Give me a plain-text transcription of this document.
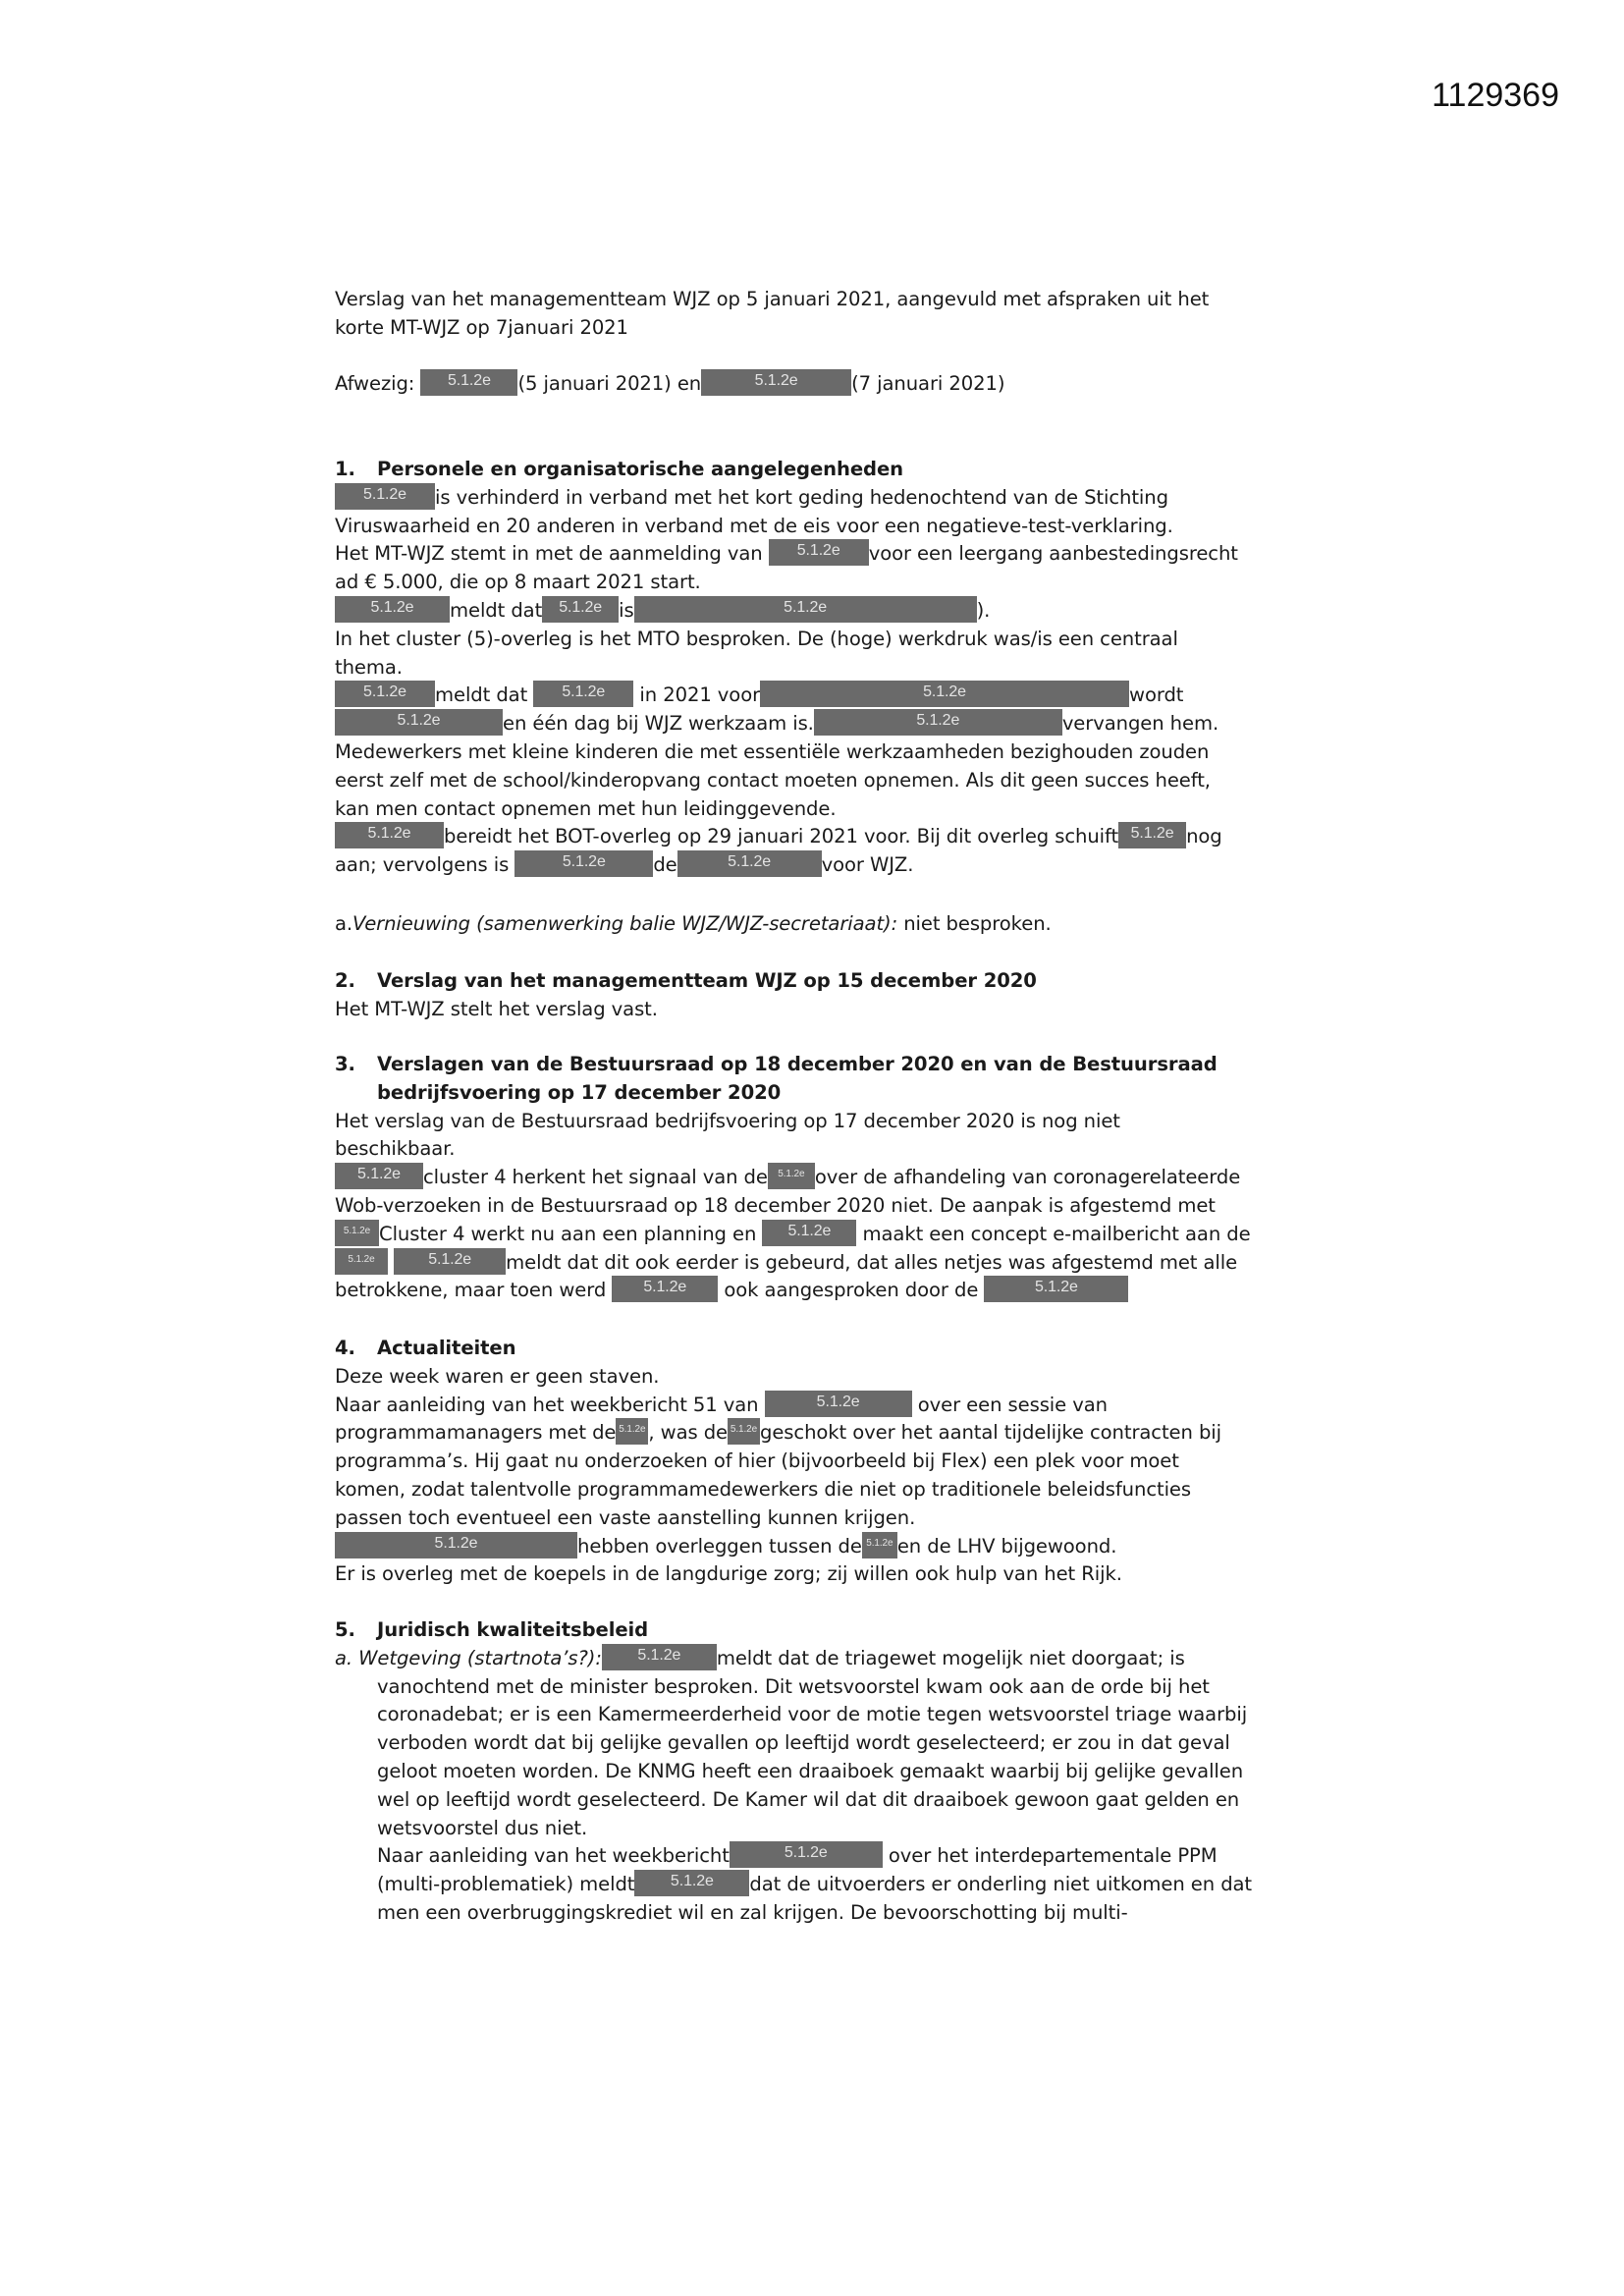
1129369
Verslag van het managementteam WJZ op 5 januari 2021, aangevuld met afspraken uit het
korte MT-WJZ op 7januari 2021
Afwezig: 5.1.2e (5 januari 2021) en	5.1.2e	(7 januari 2021)
1. Personele en organisatorische aangelegenheden
5.1.2e is verhinderd in verband met het kort geding hedenochtend van de Stichting
Viruswaarheid en 20 anderen in verband met de eis voor een negatieve-test-verklaring.
Het MT-WJZ stemt in met de aanmelding van 5.1.2e voor een leergang aanbestedingsrecht
ad € 5.000, die op 8 maart 2021 start.
5.1.2e meldt dat 5.1.2e is	5.1.2e	).
In het cluster (5)-overleg is het MTO besproken. De (hoge) werkdruk was/is een centraal
thema.
5.1.2e meldt dat 5.1.2e in 2021 voor	5.1.2e	wordt
5.1.2e	en één dag bij WJZ werkzaam is.	5.1.2e	vervangen hem.
Medewerkers met kleine kinderen die met essentiële werkzaamheden bezighouden zouden
eerst zelf met de school/kinderopvang contact moeten opnemen. Als dit geen succes heeft,
kan men contact opnemen met hun leidinggevende.
5.1.2e bereidt het BOT-overleg op 29 januari 2021 voor. Bij dit overleg schuift 5.1.2e nog
aan; vervolgens is	5.1.2e de	5.1.2e	voor WJZ.
a.Vernieuwing (samenwerking balie WJZ/WJZ-secretariaat): niet besproken.
2. Verslag van het managementteam WJZ op 15 december 2020
Het MT-WJZ stelt het verslag vast.
3. Verslagen van de Bestuursraad op 18 december 2020 en van de Bestuursraad
bedrijfsvoering op 17 december 2020
Het verslag van de Bestuursraad bedrijfsvoering op 17 december 2020 is nog niet
beschikbaar.
5.1.2e cluster 4 herkent het signaal van de 5.1.2e over de afhandeling van coronagerelateerde
Wob-verzoeken in de Bestuursraad op 18 december 2020 niet. De aanpak is afgestemd met
5.1.2e Cluster 4 werkt nu aan een planning en 5.1.2e maakt een concept e-mailbericht aan de
5.1.2e	5.1.2e meldt dat dit ook eerder is gebeurd, dat alles netjes was afgestemd met alle
betrokkene, maar toen werd 5.1.2e ook aangesproken door de	5.1.2e
4. Actualiteiten
Deze week waren er geen staven.
Naar aanleiding van het weekbericht 51 van	5.1.2e	over een sessie van
programmamanagers met de 5.1.2e , was de 5.1.2e geschokt over het aantal tijdelijke contracten bij
programma’s. Hij gaat nu onderzoeken of hier (bijvoorbeeld bij Flex) een plek voor moet
komen, zodat talentvolle programmamedewerkers die niet op traditionele beleidsfuncties
passen toch eventueel een vaste aanstelling kunnen krijgen.
5.1.2e	hebben overleggen tussen de 5.1.2e en de LHV bijgewoond.
Er is overleg met de koepels in de langdurige zorg; zij willen ook hulp van het Rijk.
5. Juridisch kwaliteitsbeleid
a. Wetgeving (startnota’s?): 5.1.2e meldt dat de triagewet mogelijk niet doorgaat; is
vanochtend met de minister besproken. Dit wetsvoorstel kwam ook aan de orde bij het
coronadebat; er is een Kamermeerderheid voor de motie tegen wetsvoorstel triage waarbij
verboden wordt dat bij gelijke gevallen op leeftijd wordt geselecteerd; er zou in dat geval
geloot moeten worden. De KNMG heeft een draaiboek gemaakt waarbij bij gelijke gevallen
wel op leeftijd wordt geselecteerd. De Kamer wil dat dit draaiboek gewoon gaat gelden en
wetsvoorstel dus niet.
Naar aanleiding van het weekbericht	5.1.2e	over het interdepartementale PPM
(multi-problematiek) meldt 5.1.2e dat de uitvoerders er onderling niet uitkomen en dat
men een overbruggingskrediet wil en zal krijgen. De bevoorschotting bij multi-
